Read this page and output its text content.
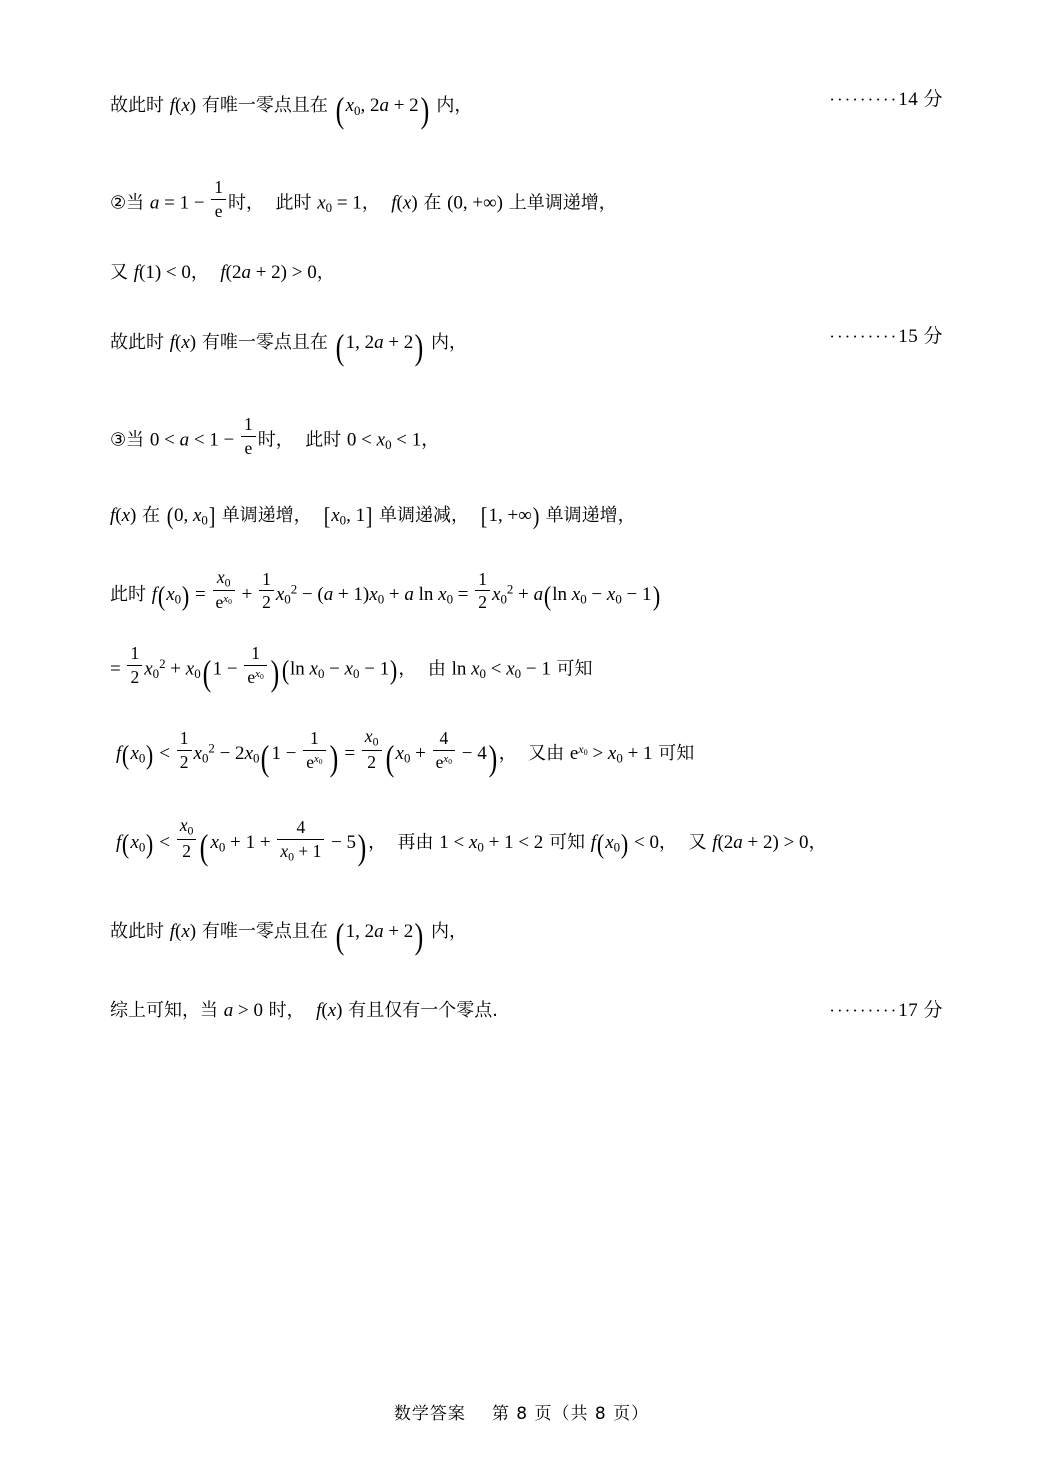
故此时 f(x) 有唯一零点且在 ($x_0$, 2a + 2) 内，	·········14 分
②当 $a = 1 - \frac{1}{e}$ 时，  此时 $x_0 = 1$，  f(x) 在 (0, +∞) 上单调递增，
又 f(1) < 0，  f(2a + 2) > 0，
故此时 f(x) 有唯一零点且在 (1, 2a + 2) 内，	·········15 分
③当 $0 < a < 1 - \frac{1}{e}$ 时，  此时 $0 < x_0 < 1$，
f(x) 在 (0, $x_0$] 单调递增，  [$x_0$, 1] 单调递减，  [1, +∞) 单调递增，
此时 $f(x_0) = \frac{x_0}{e^{x0}} + \frac{1}{2} x_0^2 - (a + 1)x_0 + a$ $\ln x_0 = \frac{1}{2} x_0^2 + a(\ln$ $x_0 - x_0 - 1$)
= $\frac{1}{2} x_0^2 + x_0(1 - \frac{1}{e^{x0}} )(\ln$ $x_0 - x_0 - 1$)，  由 $\ln x_0 < x_0 - 1$ 可知
$f(x_0) < \frac{1}{2} x_0^2 - 2x_0(1 - \frac{1}{e^{x0}}$ ) = $\frac{x_0}{2} (x_0 + \frac{4}{e^{x0}} - 4)$，  又由 $e^{x0} > x_0 + 1$ 可知
$f(x_0) < \frac{x_0}{2} (x_0 + 1 + \frac{4}{x_0 + 1} - 5)$，  再由 $1 < x_0 + 1 < 2$ 可知 $f(x_0) < 0$，  又 f(2a + 2) > 0，
故此时 f(x) 有唯一零点且在 (1, 2a + 2) 内，
综上可知，当 a > 0 时，  f(x) 有且仅有一个零点.	·········17 分
数学答案 第 8 页（共 8 页）
